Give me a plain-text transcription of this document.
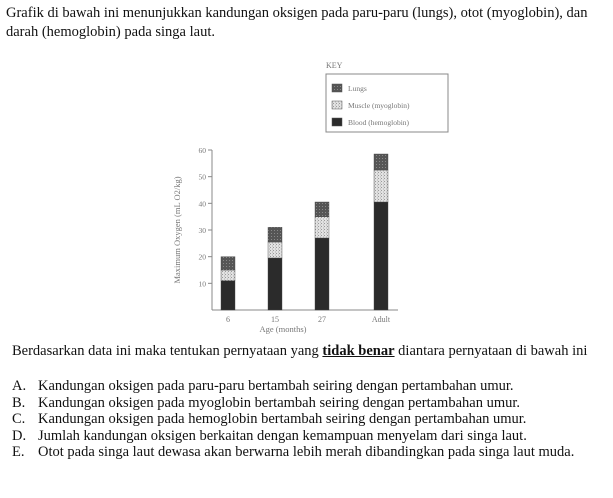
Grafik di bawah ini menunjukkan kandungan oksigen pada paru-paru (lungs), otot (myoglobin), dan darah (hemoglobin) pada singa laut.

KEY
Lungs
Muscle (myoglobin)
Blood (hemoglobin)
10
20
30
40
50
60
6	15	27	Adult
Maximum Oxygen (mL O2/kg)
Age (months)

Berdasarkan data ini maka tentukan pernyataan yang tidak benar diantara pernyataan di bawah ini

A. Kandungan oksigen pada paru-paru bertambah seiring dengan pertambahan umur.
B. Kandungan oksigen pada myoglobin bertambah seiring dengan pertambahan umur.
C. Kandungan oksigen pada hemoglobin bertambah seiring dengan pertambahan umur.
D. Jumlah kandungan oksigen berkaitan dengan kemampuan menyelam dari singa laut.
E. Otot pada singa laut dewasa akan berwarna lebih merah dibandingkan pada singa laut muda.
